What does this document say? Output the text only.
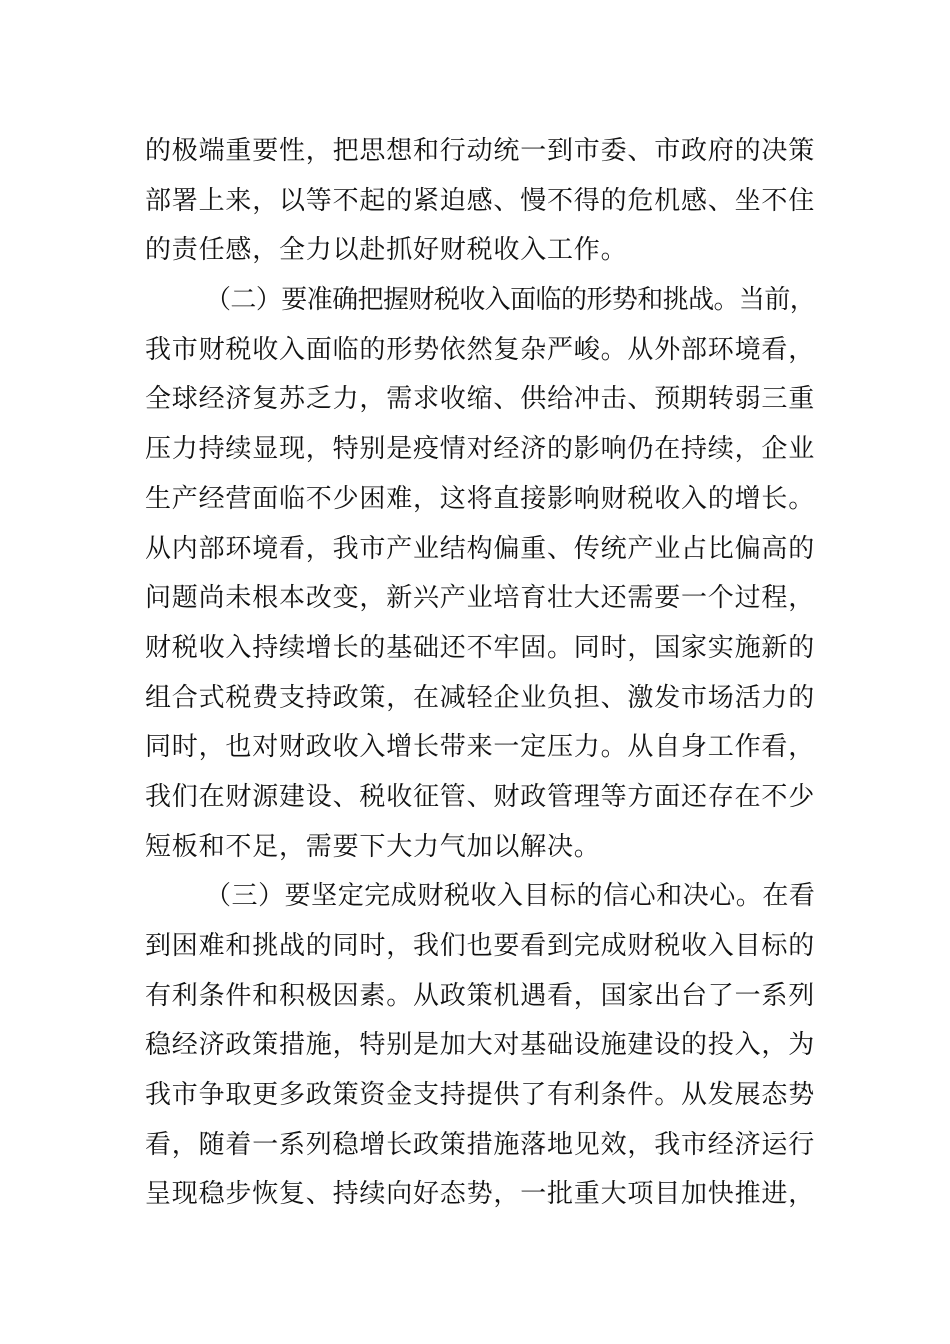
的极端重要性，把思想和行动统一到市委、市政府的决策
部署上来，以等不起的紧迫感、慢不得的危机感、坐不住
的责任感，全力以赴抓好财税收入工作。
（二）要准确把握财税收入面临的形势和挑战。当前，
我市财税收入面临的形势依然复杂严峻。从外部环境看，
全球经济复苏乏力，需求收缩、供给冲击、预期转弱三重
压力持续显现，特别是疫情对经济的影响仍在持续，企业
生产经营面临不少困难，这将直接影响财税收入的增长。
从内部环境看，我市产业结构偏重、传统产业占比偏高的
问题尚未根本改变，新兴产业培育壮大还需要一个过程，
财税收入持续增长的基础还不牢固。同时，国家实施新的
组合式税费支持政策，在减轻企业负担、激发市场活力的
同时，也对财政收入增长带来一定压力。从自身工作看，
我们在财源建设、税收征管、财政管理等方面还存在不少
短板和不足，需要下大力气加以解决。
（三）要坚定完成财税收入目标的信心和决心。在看
到困难和挑战的同时，我们也要看到完成财税收入目标的
有利条件和积极因素。从政策机遇看，国家出台了一系列
稳经济政策措施，特别是加大对基础设施建设的投入，为
我市争取更多政策资金支持提供了有利条件。从发展态势
看，随着一系列稳增长政策措施落地见效，我市经济运行
呈现稳步恢复、持续向好态势，一批重大项目加快推进，
